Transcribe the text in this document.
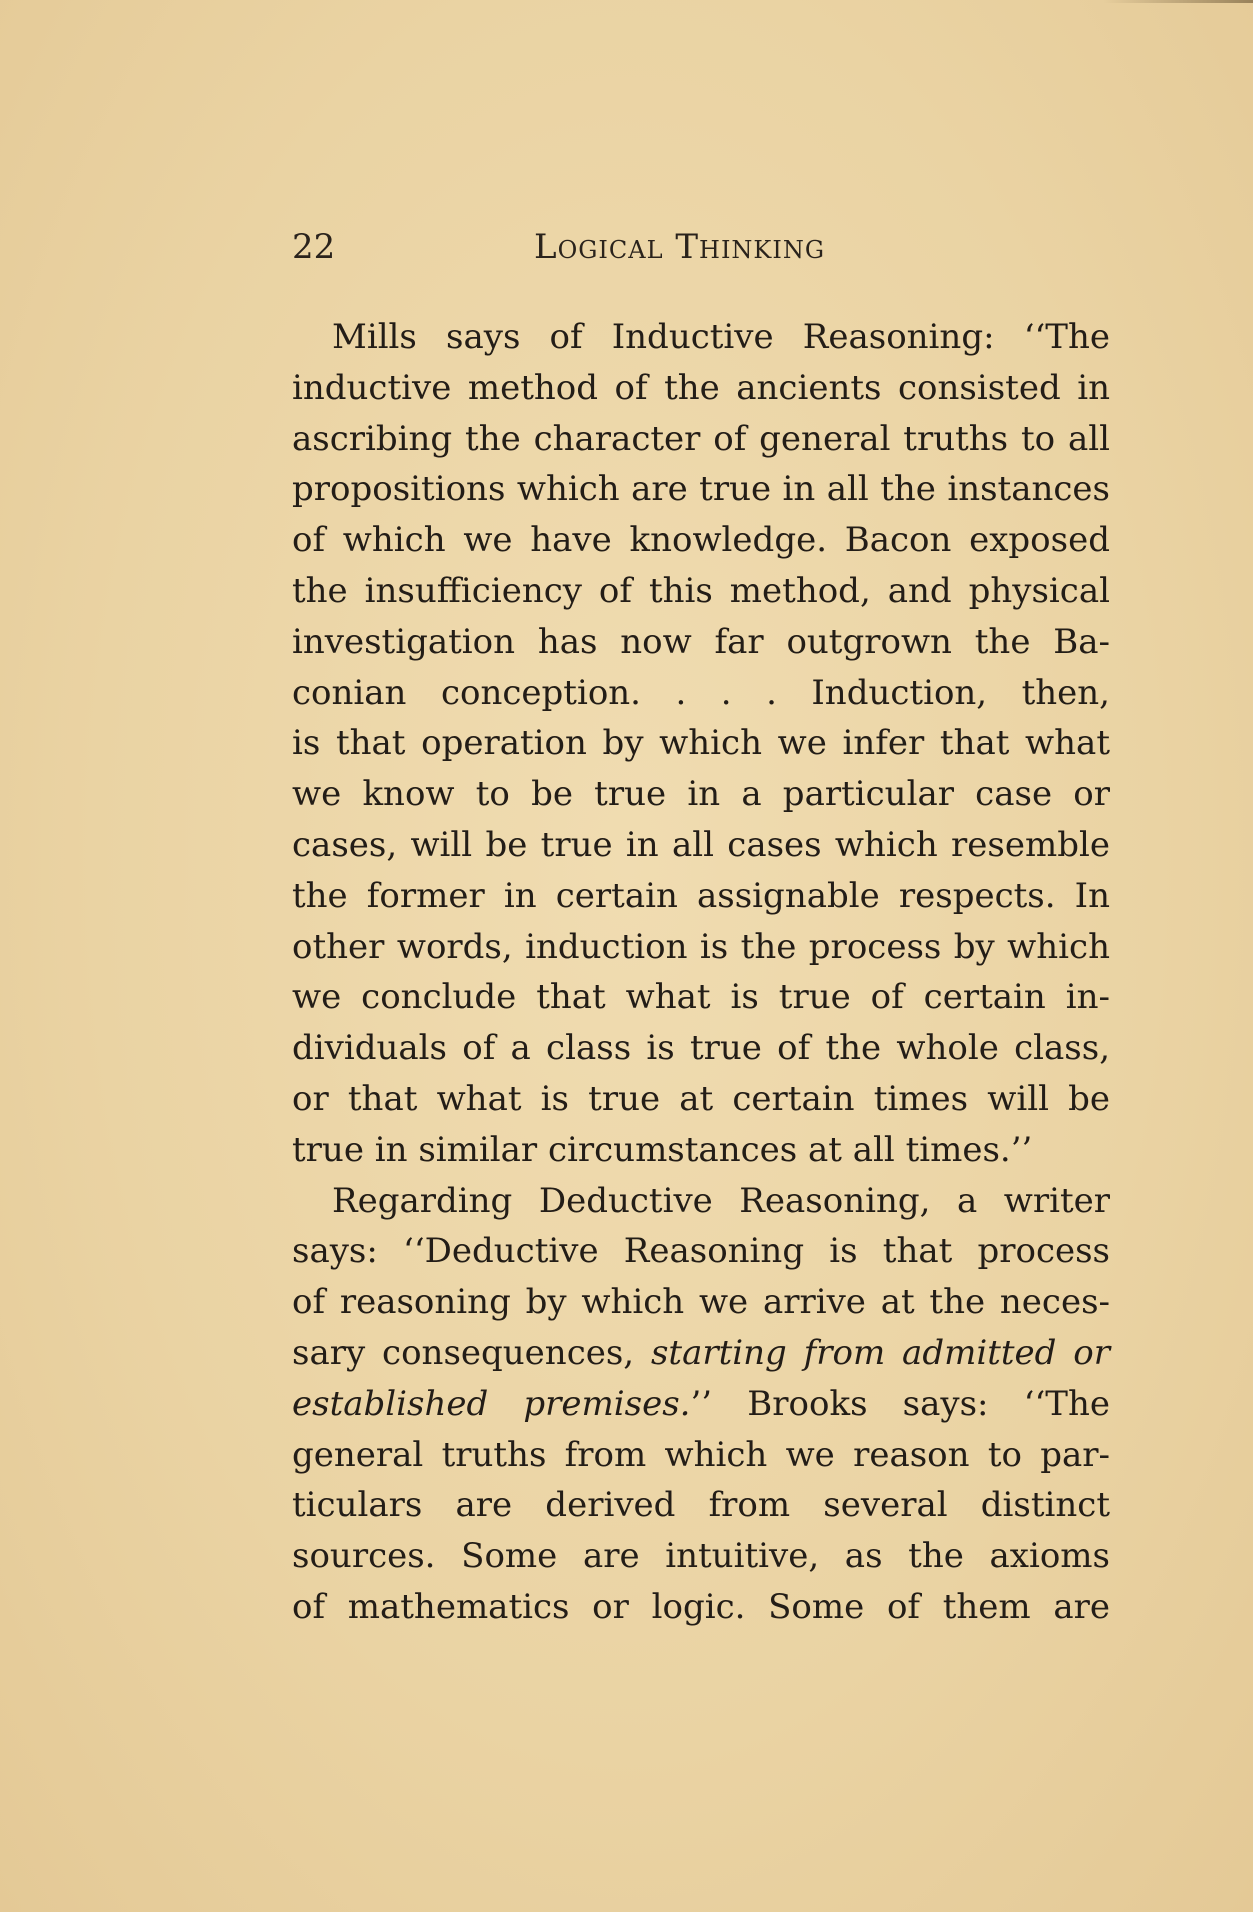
22	Logical Thinking
Mills says of Inductive Reasoning: ‘‘The
inductive method of the ancients consisted in
ascribing the character of general truths to all
propositions which are true in all the instances
of which we have knowledge. Bacon exposed
the insufficiency of this method, and physical
investigation has now far outgrown the Ba-
conian conception. . . . Induction, then,
is that operation by which we infer that what
we know to be true in a particular case or
cases, will be true in all cases which resemble
the former in certain assignable respects. In
other words, induction is the process by which
we conclude that what is true of certain in-
dividuals of a class is true of the whole class,
or that what is true at certain times will be
true in similar circumstances at all times.’’
Regarding Deductive Reasoning, a writer
says: ‘‘Deductive Reasoning is that process
of reasoning by which we arrive at the neces-
sary consequences, starting from admitted or
established premises.’’ Brooks says: ‘‘The
general truths from which we reason to par-
ticulars are derived from several distinct
sources. Some are intuitive, as the axioms
of mathematics or logic. Some of them are
